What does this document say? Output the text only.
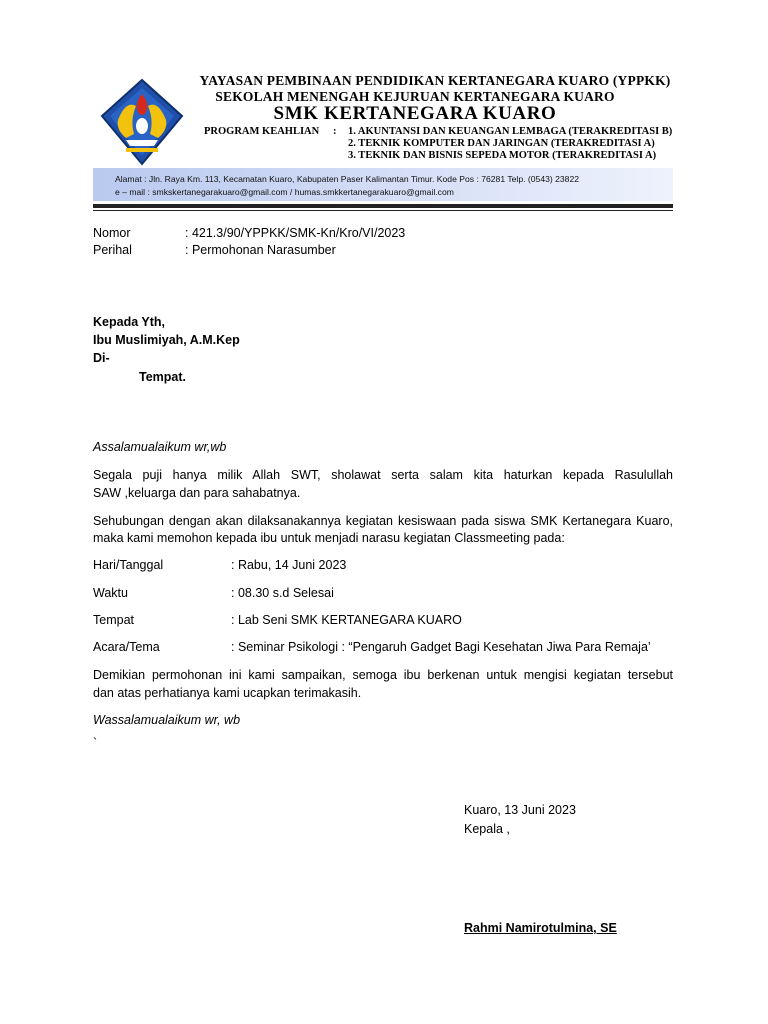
YAYASAN PEMBINAAN PENDIDIKAN KERTANEGARA KUARO (YPPKK)
SEKOLAH MENENGAH KEJURUAN KERTANEGARA KUARO
SMK KERTANEGARA KUARO
PROGRAM KEAHLIAN : 1. AKUNTANSI DAN KEUANGAN LEMBAGA (TERAKREDITASI B)
2. TEKNIK KOMPUTER DAN JARINGAN (TERAKREDITASI A)
3. TEKNIK DAN BISNIS SEPEDA MOTOR (TERAKREDITASI A)
Alamat : Jln. Raya Km. 113, Kecamatan Kuaro, Kabupaten Paser Kalimantan Timur. Kode Pos : 76281 Telp. (0543) 23822
e – mail : smkskertanegarakuaro@gmail.com / humas.smkkertanegarakuaro@gmail.com
Nomor	: 421.3/90/YPPKK/SMK-Kn/Kro/VI/2023
Perihal	: Permohonan Narasumber
Kepada Yth,
Ibu Muslimiyah, A.M.Kep
Di-
Tempat.
Assalamualaikum wr,wb
Segala puji hanya milik Allah SWT, sholawat serta salam kita haturkan kepada Rasulullah
SAW ,keluarga dan para sahabatnya.
Sehubungan dengan akan dilaksanakannya kegiatan kesiswaan pada siswa SMK Kertanegara Kuaro,
maka kami memohon kepada ibu untuk menjadi narasu kegiatan Classmeeting pada:
Hari/Tanggal	: Rabu, 14 Juni 2023
Waktu	: 08.30 s.d Selesai
Tempat	: Lab Seni SMK KERTANEGARA KUARO
Acara/Tema	: Seminar Psikologi : “Pengaruh Gadget Bagi Kesehatan Jiwa Para Remaja’
Demikian permohonan ini kami sampaikan, semoga ibu berkenan untuk mengisi kegiatan tersebut
dan atas perhatianya kami ucapkan terimakasih.
Wassalamualaikum wr, wb
`
Kuaro, 13 Juni 2023
Kepala ,
Rahmi Namirotulmina, SE
